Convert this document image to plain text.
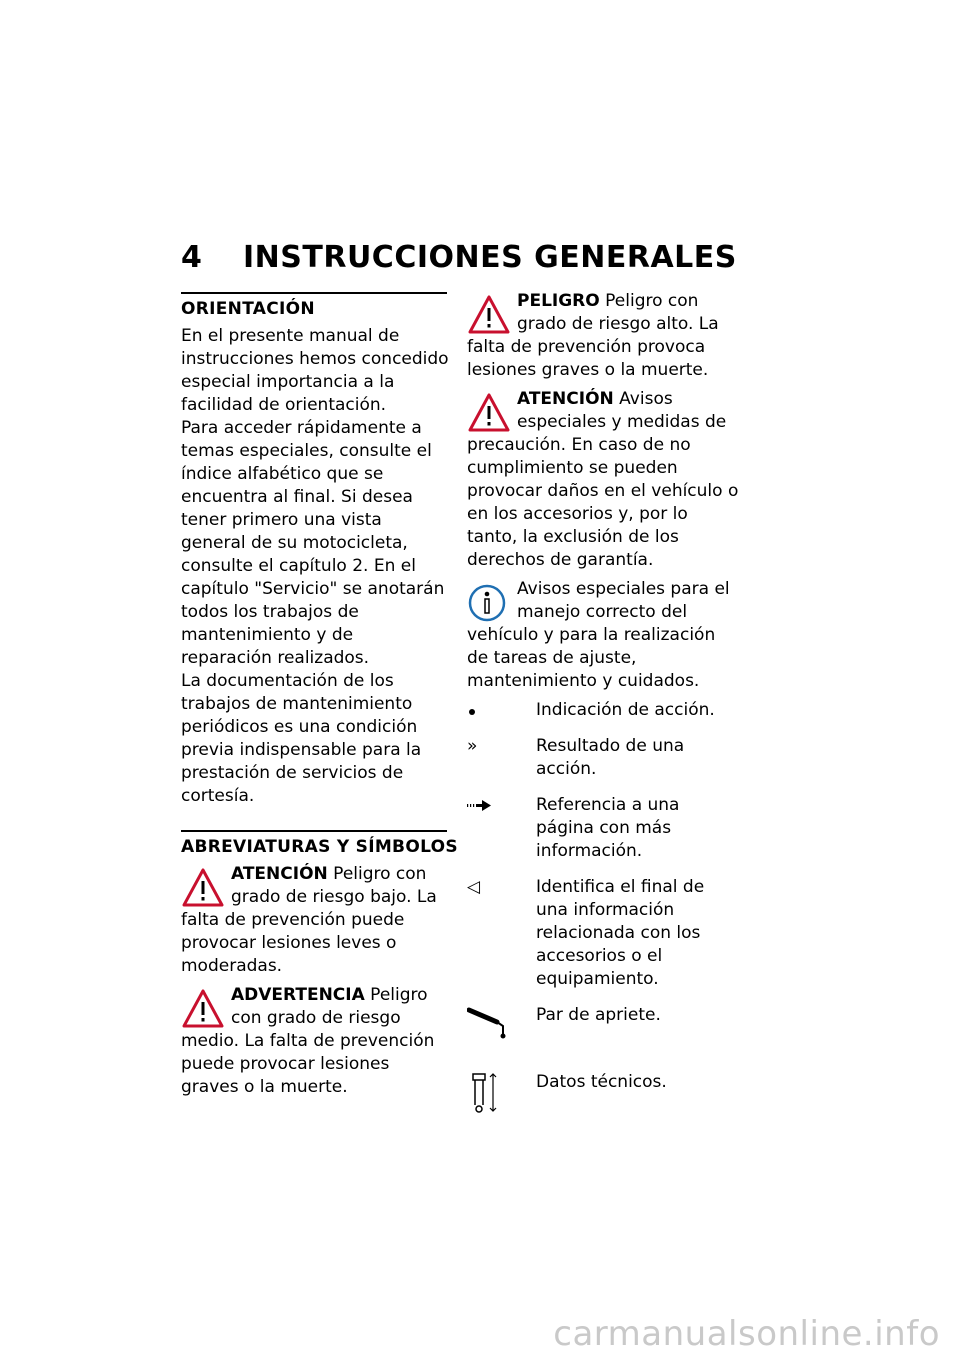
4 INSTRUCCIONES GENERALES
ORIENTACIÓN

En el presente manual de instrucciones hemos concedido especial importancia a la facilidad de orientación.

Para acceder rápidamente a temas especiales, consulte el índice alfabético que se encuentra al final. Si desea tener primero una vista general de su motocicleta, consulte el capítulo 2. En el capítulo "Servicio" se anotarán todos los trabajos de mantenimiento y de reparación realizados.

La documentación de los trabajos de mantenimiento periódicos es una condición previa indispensable para la prestación de servicios de cortesía.

ABREVIATURAS Y SÍMBOLOS

ATENCIÓN Peligro con grado de riesgo bajo. La falta de prevención puede provocar lesiones leves o moderadas.

ADVERTENCIA Peligro con grado de riesgo medio. La falta de prevención puede provocar lesiones graves o la muerte.

PELIGRO Peligro con grado de riesgo alto. La falta de prevención provoca lesiones graves o la muerte.

ATENCIÓN Avisos especiales y medidas de precaución. En caso de no cumplimiento se pueden provocar daños en el vehículo o en los accesorios y, por lo tanto, la exclusión de los derechos de garantía.

Avisos especiales para el manejo correcto del vehículo y para la realización de tareas de ajuste, mantenimiento y cuidados.

Indicación de acción.
»	Resultado de una acción.
Referencia a una página con más información.
◁	Identifica el final de una información relacionada con los accesorios o el equipamiento.
Par de apriete.
Datos técnicos.
carmanualsonline.info
